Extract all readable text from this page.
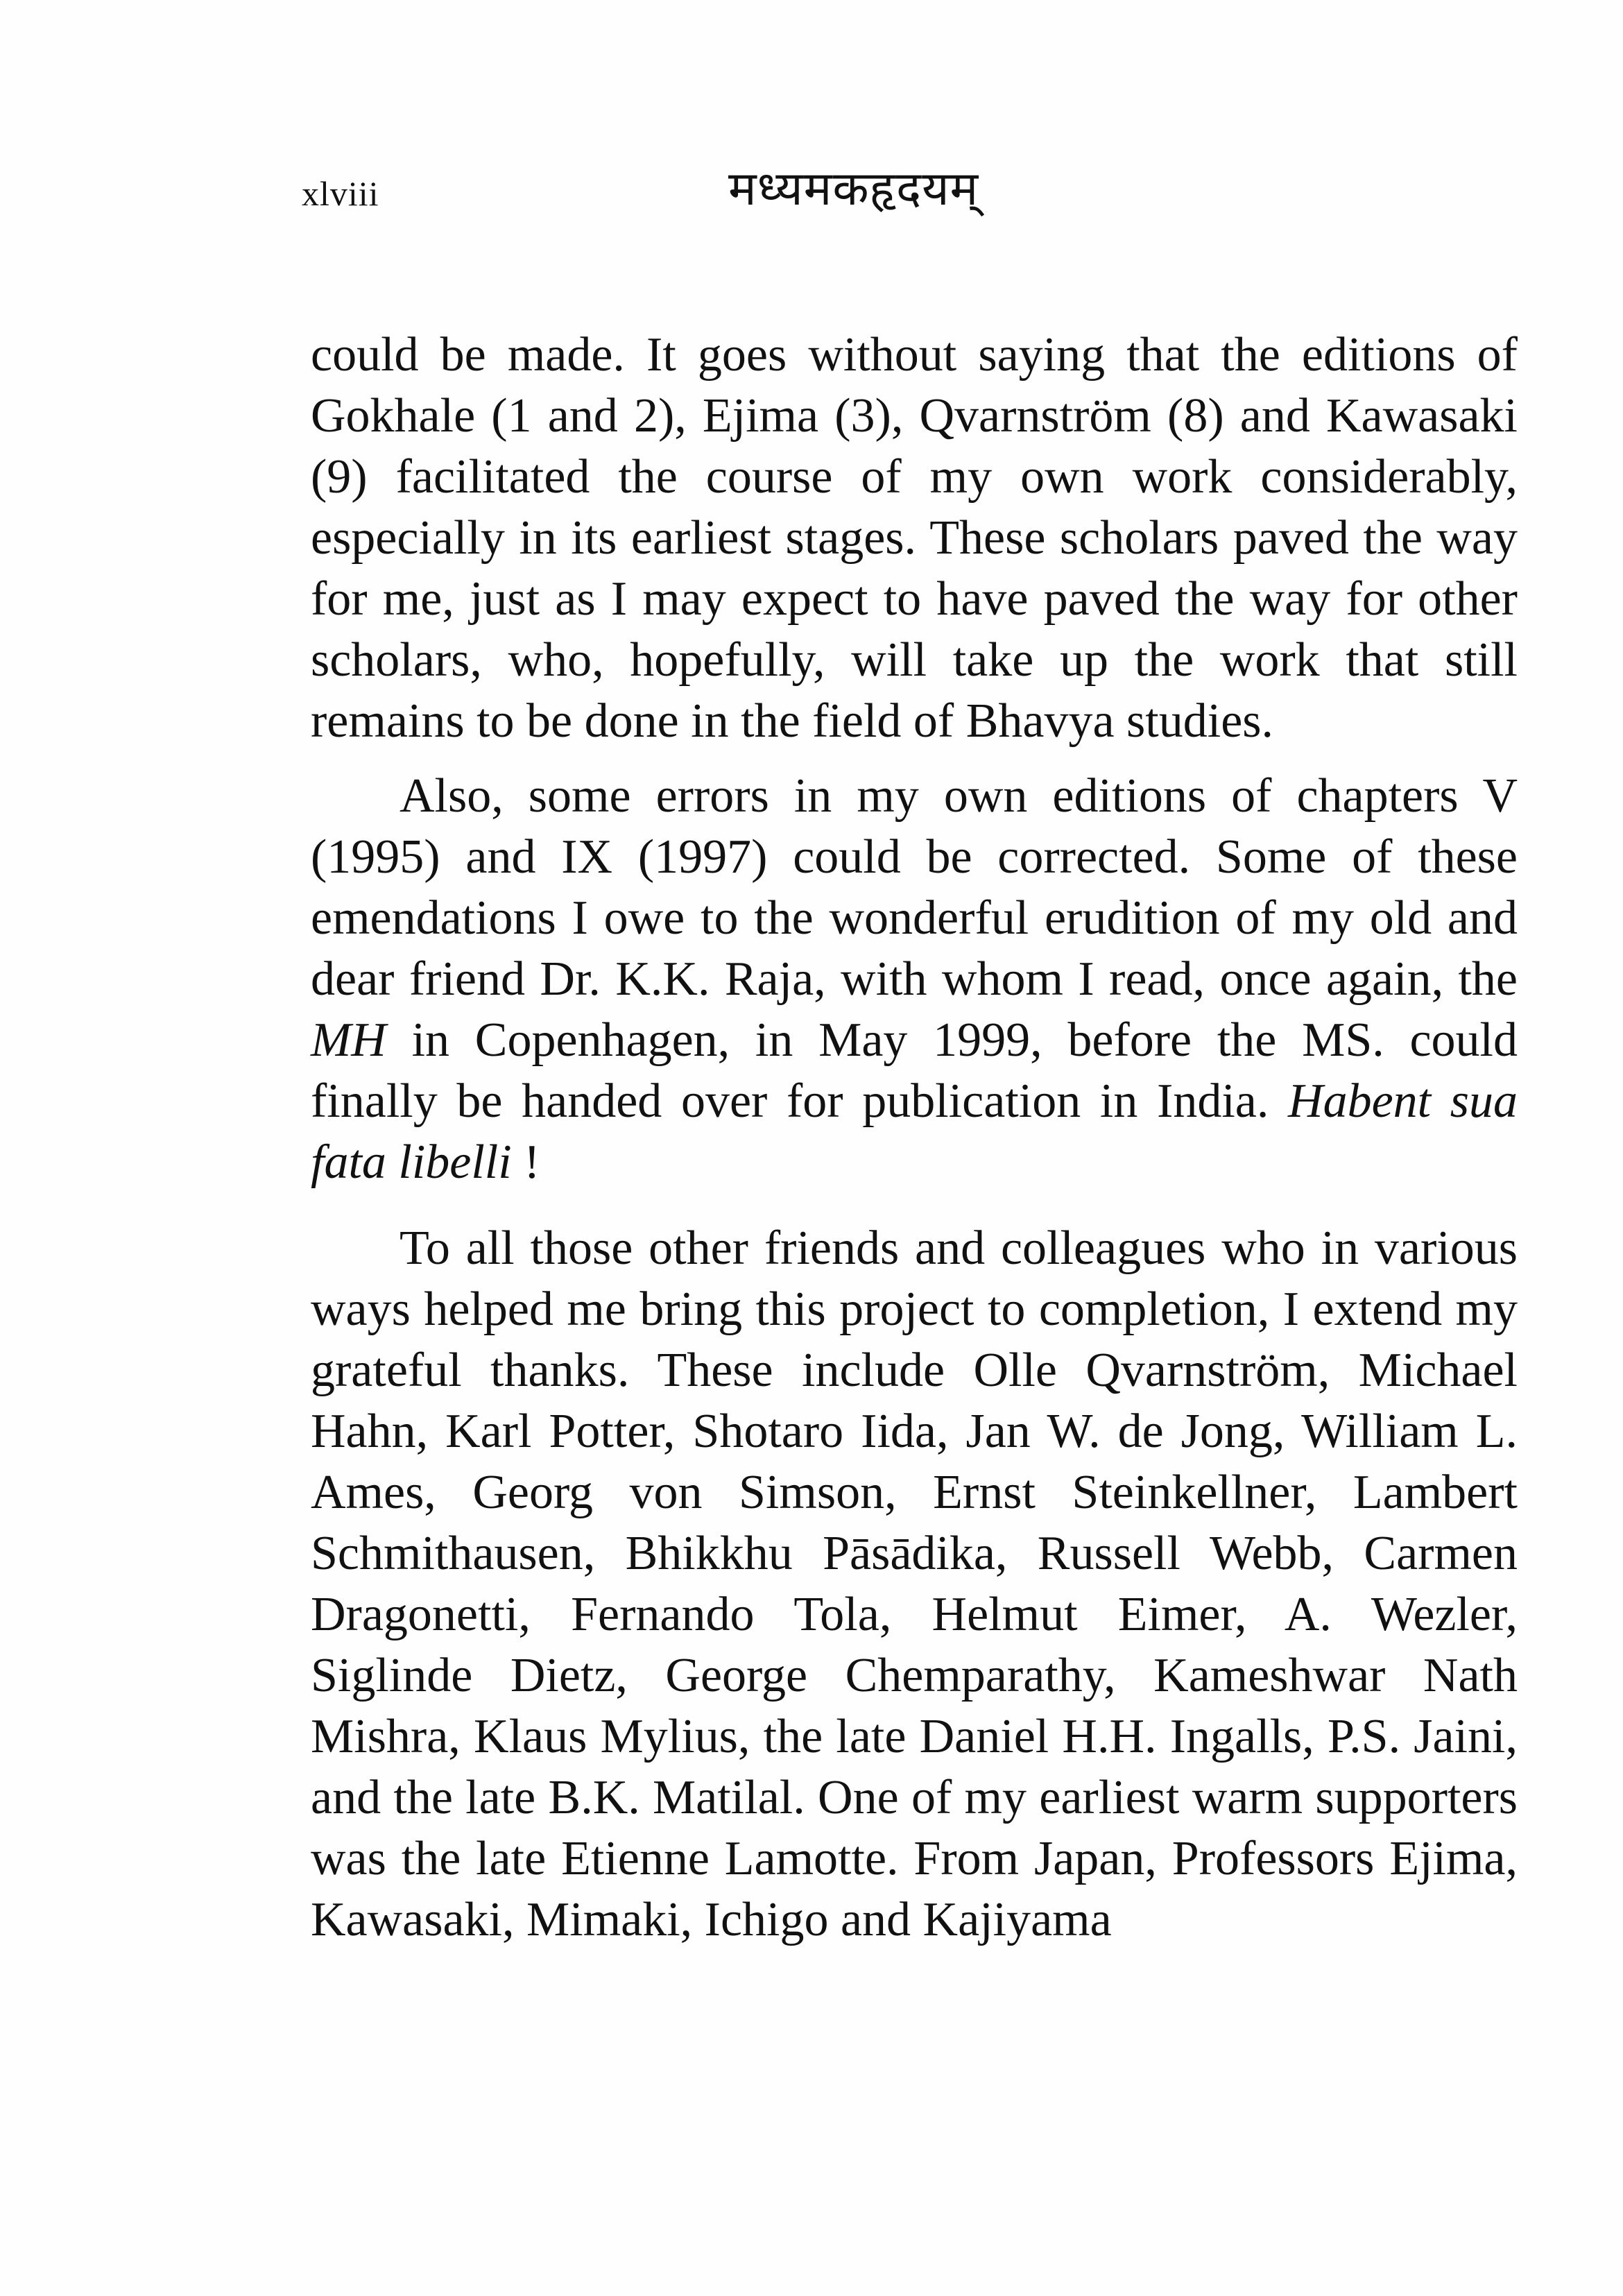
xlviii	मध्यमकहृदयम्

could be made. It goes without saying that the editions of Gokhale (1 and 2), Ejima (3), Qvarnström (8) and Kawasaki (9) facilitated the course of my own work considerably, especially in its earliest stages. These scholars paved the way for me, just as I may expect to have paved the way for other scholars, who, hopefully, will take up the work that still remains to be done in the field of Bhavya studies.

Also, some errors in my own editions of chapters V (1995) and IX (1997) could be corrected. Some of these emendations I owe to the wonderful erudition of my old and dear friend Dr. K.K. Raja, with whom I read, once again, the MH in Copenhagen, in May 1999, before the MS. could finally be handed over for publication in India. Habent sua fata libelli !

To all those other friends and colleagues who in various ways helped me bring this project to completion, I extend my grateful thanks. These include Olle Qvarnström, Michael Hahn, Karl Potter, Shotaro Iida, Jan W. de Jong, William L. Ames, Georg von Simson, Ernst Steinkellner, Lambert Schmithausen, Bhikkhu Pāsādika, Russell Webb, Carmen Dragonetti, Fernando Tola, Helmut Eimer, A. Wezler, Siglinde Dietz, George Chemparathy, Kameshwar Nath Mishra, Klaus Mylius, the late Daniel H.H. Ingalls, P.S. Jaini, and the late B.K. Matilal. One of my earliest warm supporters was the late Etienne Lamotte. From Japan, Professors Ejima, Kawasaki, Mimaki, Ichigo and Kajiyama
